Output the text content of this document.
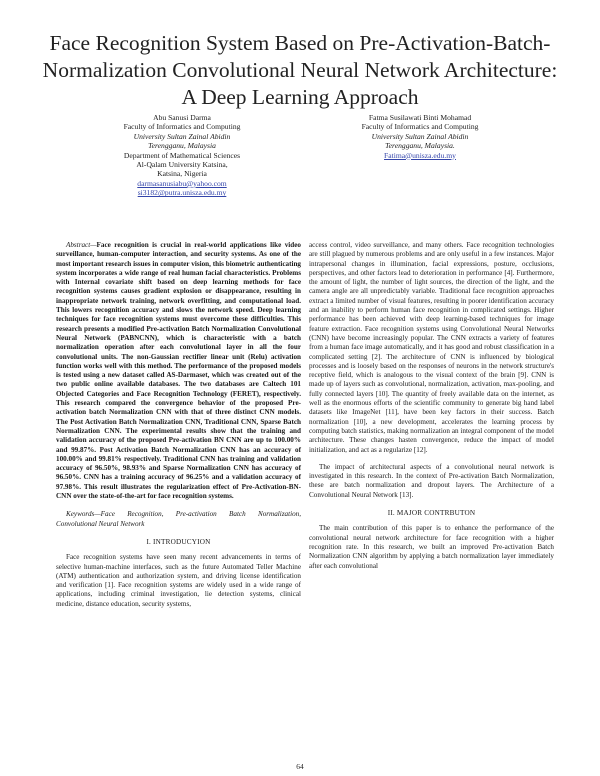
Face Recognition System Based on Pre-Activation-Batch-Normalization Convolutional Neural Network Architecture: A Deep Learning Approach
Abu Sanusi Darma
Faculty of Informatics and Computing
University Sultan Zainal Abidin
Terengganu, Malaysia
Department of Mathematical Sciences
Al-Qalam University Katsina,
Katsina, Nigeria
darmasanusiabu@yahoo.com
si3182@putra.unisza.edu.my
Fatma Susilawati Binti Mohamad
Faculty of Informatics and Computing
University Sultan Zainal Abidin
Terengganu, Malaysia.
Fatima@unisza.edu.my

Abstract—Face recognition is crucial in real-world applications like video surveillance, human-computer interaction, and security systems. As one of the most important research issues in computer vision, this biometric authenticating system incorporates a wide range of real human facial characteristics. Problems with Internal covariate shift based on deep learning methods for face recognition systems causes gradient explosion or disappearance, resulting in inappropriate network training, network overfitting, and computational load. This lowers recognition accuracy and slows the network speed. Deep learning techniques for face recognition systems must overcome these difficulties. This research presents a modified Pre-activation Batch Normalization Convolutional Neural Network (PABNCNN), which is characteristic with a batch normalization operation after each convolutional layer in all the four convolutional units. The non-Gaussian rectifier linear unit (Relu) activation function works well with this method. The performance of the proposed models is tested using a new dataset called AS-Darmaset, which was created out of the two public online available databases. The two databases are Caltech 101 Objected Categories and Face Recognition Technology (FERET), respectively. This research compared the convergence behavior of the proposed Pre-activation batch Normalization CNN with that of three distinct CNN models. The Post Activation Batch Normalization CNN, Traditional CNN, Sparse Batch Normalization CNN. The experimental results show that the training and validation accuracy of the proposed Pre-activation BN CNN are up to 100.00% and 99.87%. Post Activation Batch Normalization CNN has an accuracy of 100.00% and 99.81% respectively. Traditional CNN has training and validation accuracy of 96.50%, 98.93% and Sparse Normalization CNN has accuracy of 96.50%. CNN has a training accuracy of 96.25% and a validation accuracy of 97.98%. This result illustrates the regularization effect of Pre-Activation-BN-CNN over the state-of-the-art for face recognition systems.

Keywords—Face Recognition, Pre-activation Batch Normalization, Convolutional Neural Network

I. INTRODUCYION

Face recognition systems have seen many recent advancements in terms of selective human-machine interfaces, such as the future Automated Teller Machine (ATM) authentication and authorization system, and driving license identification and verification [1]. Face recognition systems are widely used in a wide range of applications, including criminal investigation, lie detection systems, clinical medicine, distance education, security systems,

access control, video surveillance, and many others. Face recognition technologies are still plagued by numerous problems and are only useful in a few instances. Major intrapersonal changes in illumination, facial expressions, posture, occlusions, perspectives, and other factors lead to deterioration in performance [4]. Furthermore, the amount of light, the number of light sources, the direction of the light, and the camera angle are all unpredictably variable. Traditional face recognition approaches extract a limited number of visual features, resulting in poorer identification accuracy and an inability to perform human face recognition in complicated settings. Higher performance has been achieved with deep learning-based techniques for image feature extraction. Face recognition systems using Convolutional Neural Networks (CNN) have become increasingly popular. The CNN extracts a variety of features from a human face image automatically, and it has good and robust classification in a complicated setting [2]. The architecture of CNN is influenced by biological processes and is loosely based on the responses of neurons in the network structure's receptive field, which is analogous to the visual context of the brain [9]. CNN is made up of layers such as convolutional, normalization, activation, max-pooling, and fully connected layers [10]. The quantity of freely available data on the internet, as well as the enormous efforts of the scientific community to generate big hand label datasets like ImageNet [11], have been key factors in their success. Batch normalization [10], a new development, accelerates the learning process by computing batch statistics, making normalization an integral component of the model architecture. These changes hasten convergence, reduce the impact of model initialization, and act as a regularize [12].

The impact of architectural aspects of a convolutional neural network is investigated in this research. In the context of Pre-activation Batch Normalization, these are batch normalization and dropout layers. The Architecture of a Convolutional Neural Network [13].

II. MAJOR CONTRBUTON

The main contribution of this paper is to enhance the performance of the convolutional neural network architecture for face recognition with a higher recognition rate. In this research, we built an improved Pre-activation Batch Normalization CNN algorithm by applying a batch normalization layer immediately after each convolutional

64
